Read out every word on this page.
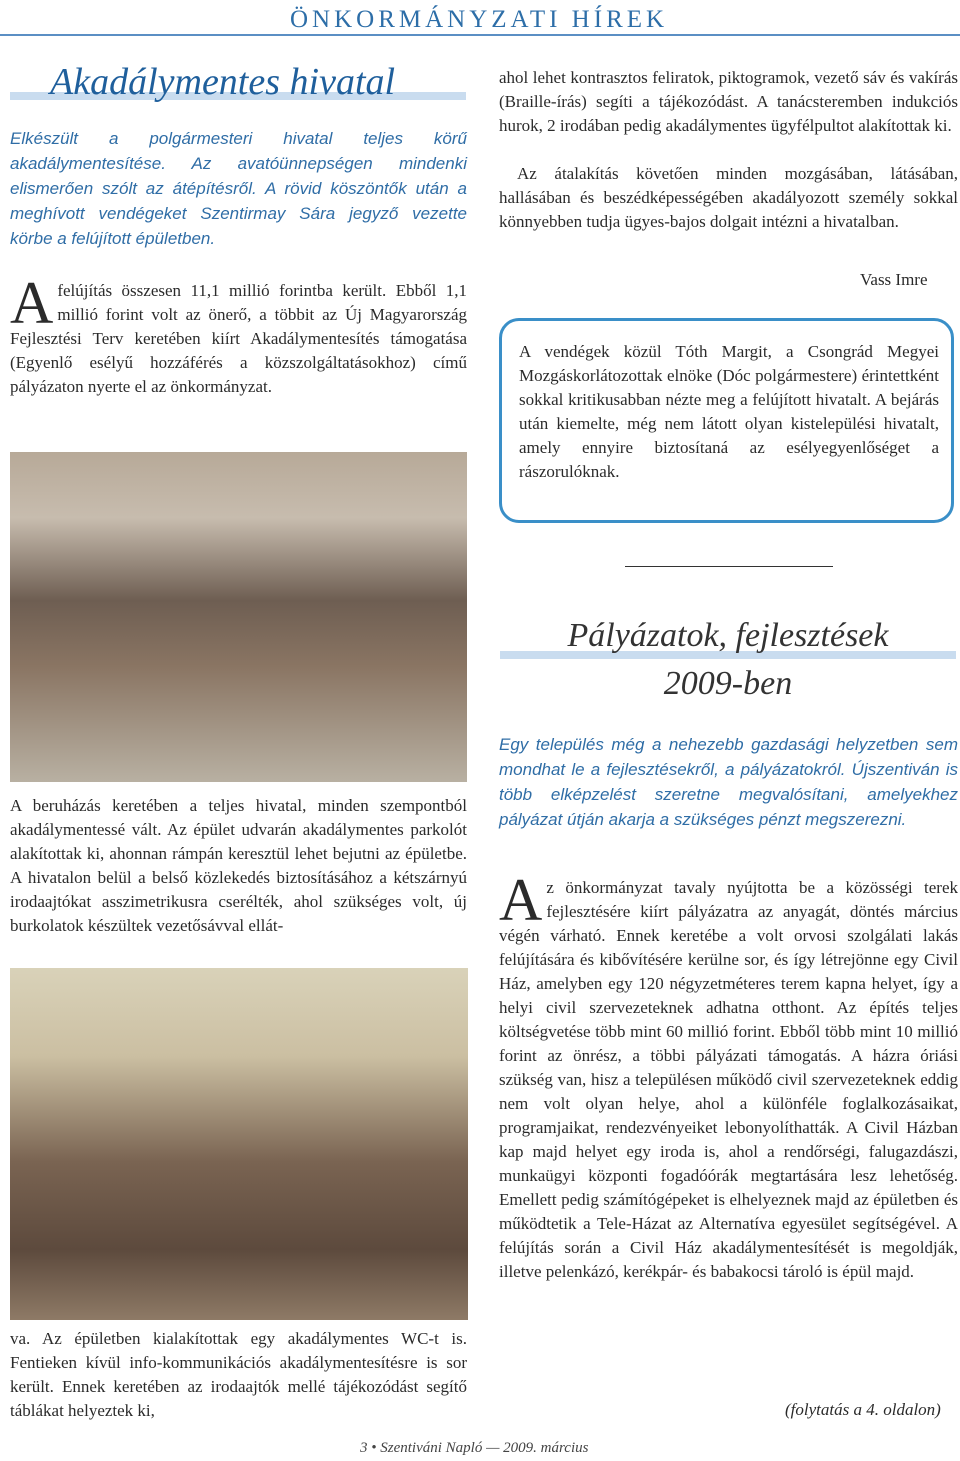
ÖNKORMÁNYZATI HÍREK
Akadálymentes hivatal
Elkészült a polgármesteri hivatal teljes körű akadálymentesítése. Az avatóünnepségen mindenki elismerően szólt az átépítésről. A rövid köszöntők után a meghívott vendégeket Szentirmay Sára jegyző vezette körbe a felújított épületben.
Afelújítás összesen 11,1 millió forintba került. Ebből 1,1 millió forint volt az önerő, a többit az Új Magyarország Fejlesztési Terv keretében kiírt Akadálymentesítés támogatása (Egyenlő esélyű hozzáférés a közszolgáltatásokhoz) című pályázaton nyerte el az önkormányzat.
A beruházás keretében a teljes hivatal, minden szempontból akadálymentessé vált. Az épület udvarán akadálymentes parkolót alakítottak ki, ahonnan rámpán keresztül lehet bejutni az épületbe. A hivatalon belül a belső közlekedés biztosításához a kétszárnyú irodaajtókat asszimetrikusra cserélték, ahol szükséges volt, új burkolatok készültek vezetősávval ellát-
va. Az épületben kialakítottak egy akadálymentes WC-t is. Fentieken kívül info-kommunikációs akadálymentesítésre is sor került. Ennek keretében az irodaajtók mellé tájékozódást segítő táblákat helyeztek ki,
ahol lehet kontrasztos feliratok, piktogramok, vezető sáv és vakírás (Braille-írás) segíti a tájékozódást. A tanácsteremben indukciós hurok, 2 irodában pedig akadálymentes ügyfélpultot alakítottak ki.
Az átalakítás követően minden mozgásában, látásában, hallásában és beszédképességében akadályozott személy sokkal könnyebben tudja ügyes-bajos dolgait intézni a hivatalban.
Vass Imre
A vendégek közül Tóth Margit, a Csongrád Megyei Mozgáskorlátozottak elnöke (Dóc polgármestere) érintettként sokkal kritikusabban nézte meg a felújított hivatalt. A bejárás után kiemelte, még nem látott olyan kistelepülési hivatalt, amely ennyire biztosítaná az esélyegyenlőséget a rászorulóknak.
Pályázatok, fejlesztések
2009-ben
Egy település még a nehezebb gazdasági helyzetben sem mondhat le a fejlesztésekről, a pályázatokról. Újszentiván is több elképzelést szeretne megvalósítani, amelyekhez pályázat útján akarja a szükséges pénzt megszerezni.
Az önkormányzat tavaly nyújtotta be a közösségi terek fejlesztésére kiírt pályázatra az anyagát, döntés március végén várható. Ennek keretébe a volt orvosi szolgálati lakás felújítására és kibővítésére kerülne sor, és így létrejönne egy Civil Ház, amelyben egy 120 négyzetméteres terem kapna helyet, így a helyi civil szervezeteknek adhatna otthont. Az építés teljes költségvetése több mint 60 millió forint. Ebből több mint 10 millió forint az önrész, a többi pályázati támogatás. A házra óriási szükség van, hisz a településen működő civil szervezeteknek eddig nem volt olyan helye, ahol a különféle foglalkozásaikat, programjaikat, rendezvényeiket lebonyolíthatták. A Civil Házban kap majd helyet egy iroda is, ahol a rendőrségi, falugazdászi, munkaügyi központi fogadóórák megtartására lesz lehetőség. Emellett pedig számítógépeket is elhelyeznek majd az épületben és működtetik a Tele-Házat az Alternatíva egyesület segítségével. A felújítás során a Civil Ház akadálymentesítését is megoldják, illetve pelenkázó, kerékpár- és babakocsi tároló is épül majd.
(folytatás a 4. oldalon)
3 • Szentiváni Napló — 2009. március
